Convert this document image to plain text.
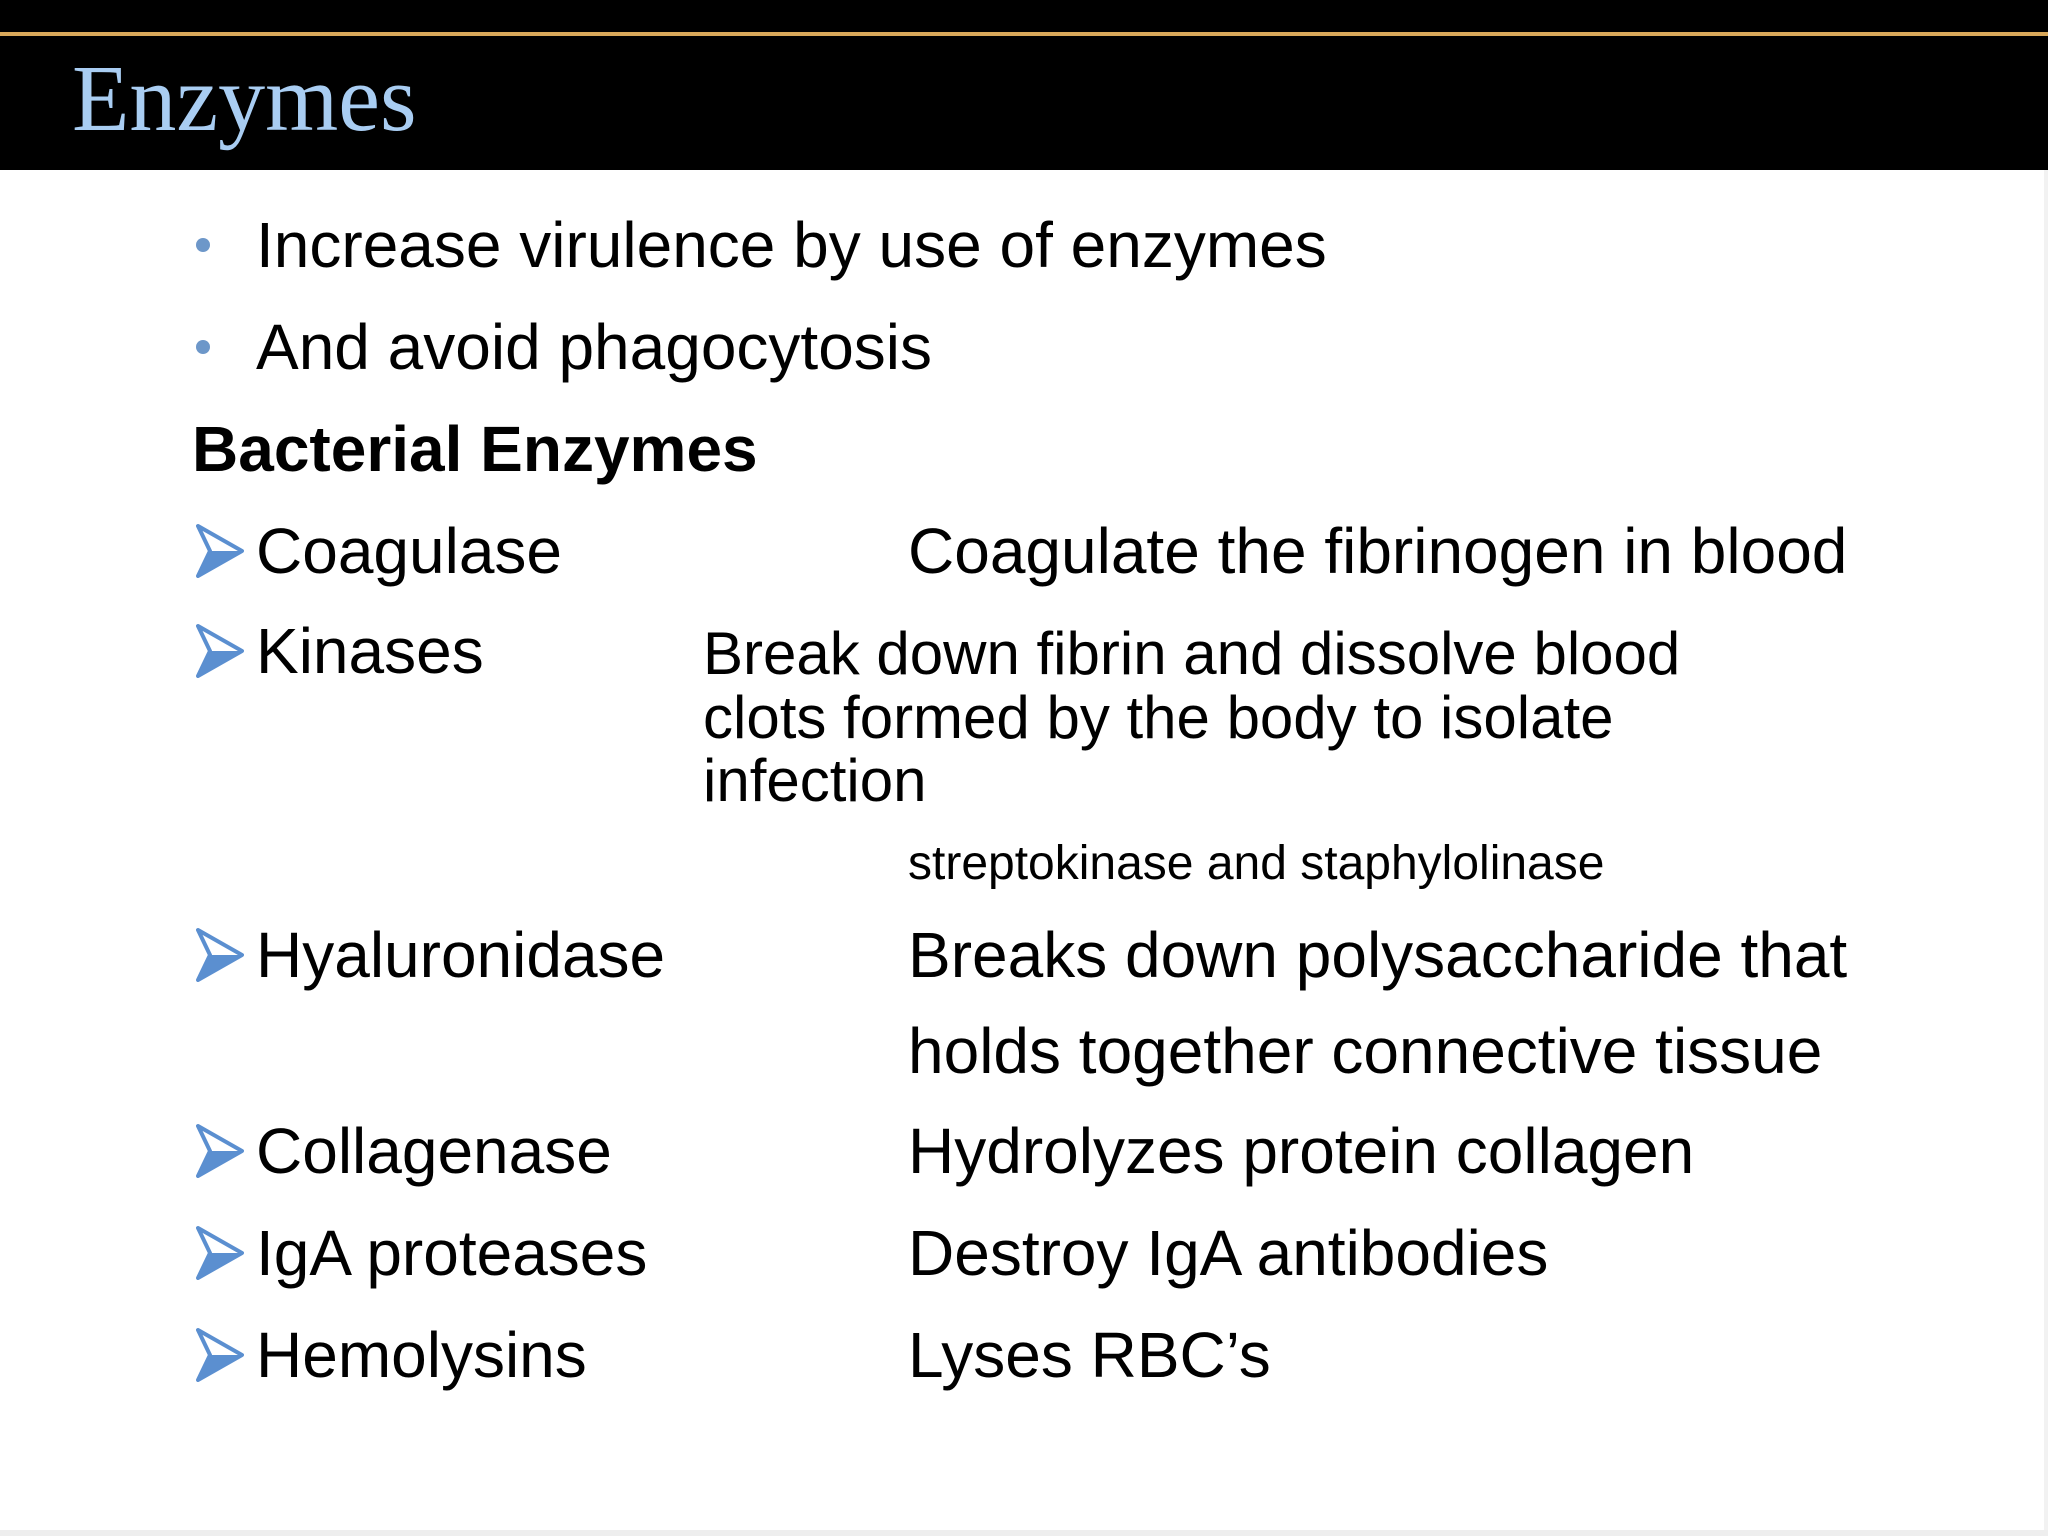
Enzymes
Increase virulence by use of enzymes
And avoid phagocytosis
Bacterial Enzymes
Coagulase	Coagulate the fibrinogen in blood
Kinases	Break down fibrin and dissolve blood
clots formed by the body to isolate
infection
streptokinase and staphylolinase
Hyaluronidase	Breaks down polysaccharide that
holds together connective tissue
Collagenase	Hydrolyzes protein collagen
IgA proteases	Destroy IgA antibodies
Hemolysins	Lyses RBC’s
